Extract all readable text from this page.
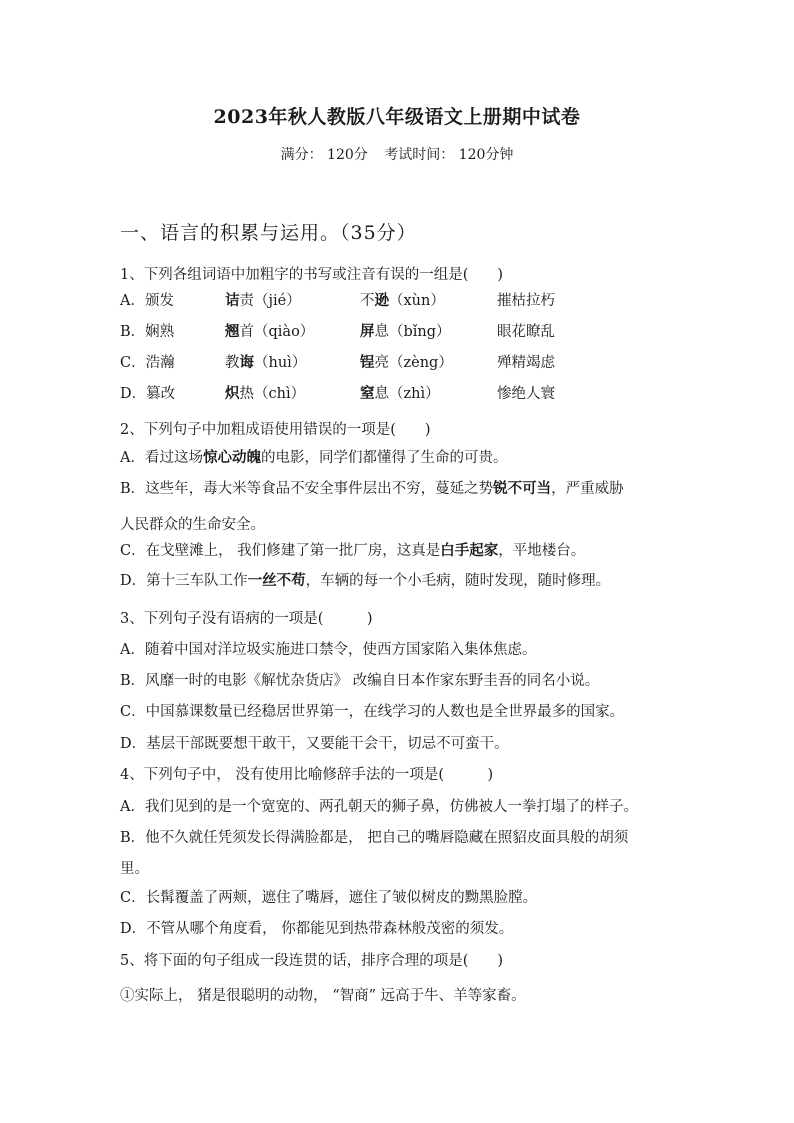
2023年秋人教版八年级语文上册期中试卷
满分： 120分 考试时间： 120分钟
一、语言的积累与运用。（35分）
1、下列各组词语中加粗字的书写或注音有误的一组是(　　)
A．颁发	诘责（jié）	不逊（xùn）	摧枯拉朽
B．娴熟	翘首（qiào）	屏息（bǐng）	眼花瞭乱
C．浩瀚	教诲（huì）	锃亮（zèng）	殚精竭虑
D．篡改	炽热（chì）	窒息（zhì）	惨绝人寰
2、下列句子中加粗成语使用错误的一项是(　　)
A．看过这场惊心动魄的电影，同学们都懂得了生命的可贵。
B．这些年，毒大米等食品不安全事件层出不穷，蔓延之势锐不可当，严重威胁
人民群众的生命安全。
C．在戈壁滩上， 我们修建了第一批厂房，这真是白手起家，平地楼台。
D．第十三车队工作一丝不苟，车辆的每一个小毛病，随时发现，随时修理。
3、下列句子没有语病的一项是(　　　)
A．随着中国对洋垃圾实施进口禁令，使西方国家陷入集体焦虑。
B．风靡一时的电影《解忧杂货店》 改编自日本作家东野圭吾的同名小说。
C．中国慕课数量已经稳居世界第一，在线学习的人数也是全世界最多的国家。
D．基层干部既要想干敢干，又要能干会干，切忌不可蛮干。
4、下列句子中， 没有使用比喻修辞手法的一项是(　　　)
A．我们见到的是一个宽宽的、两孔朝天的狮子鼻，仿佛被人一拳打塌了的样子。
B．他不久就任凭须发长得满脸都是， 把自己的嘴唇隐藏在照貂皮面具般的胡须
里。
C．长髯覆盖了两颊，遮住了嘴唇，遮住了皱似树皮的黝黑脸膛。
D．不管从哪个角度看， 你都能见到热带森林般茂密的须发。
5、将下面的句子组成一段连贯的话，排序合理的项是(　　)
①实际上， 猪是很聪明的动物， “智商” 远高于牛、羊等家畜。
